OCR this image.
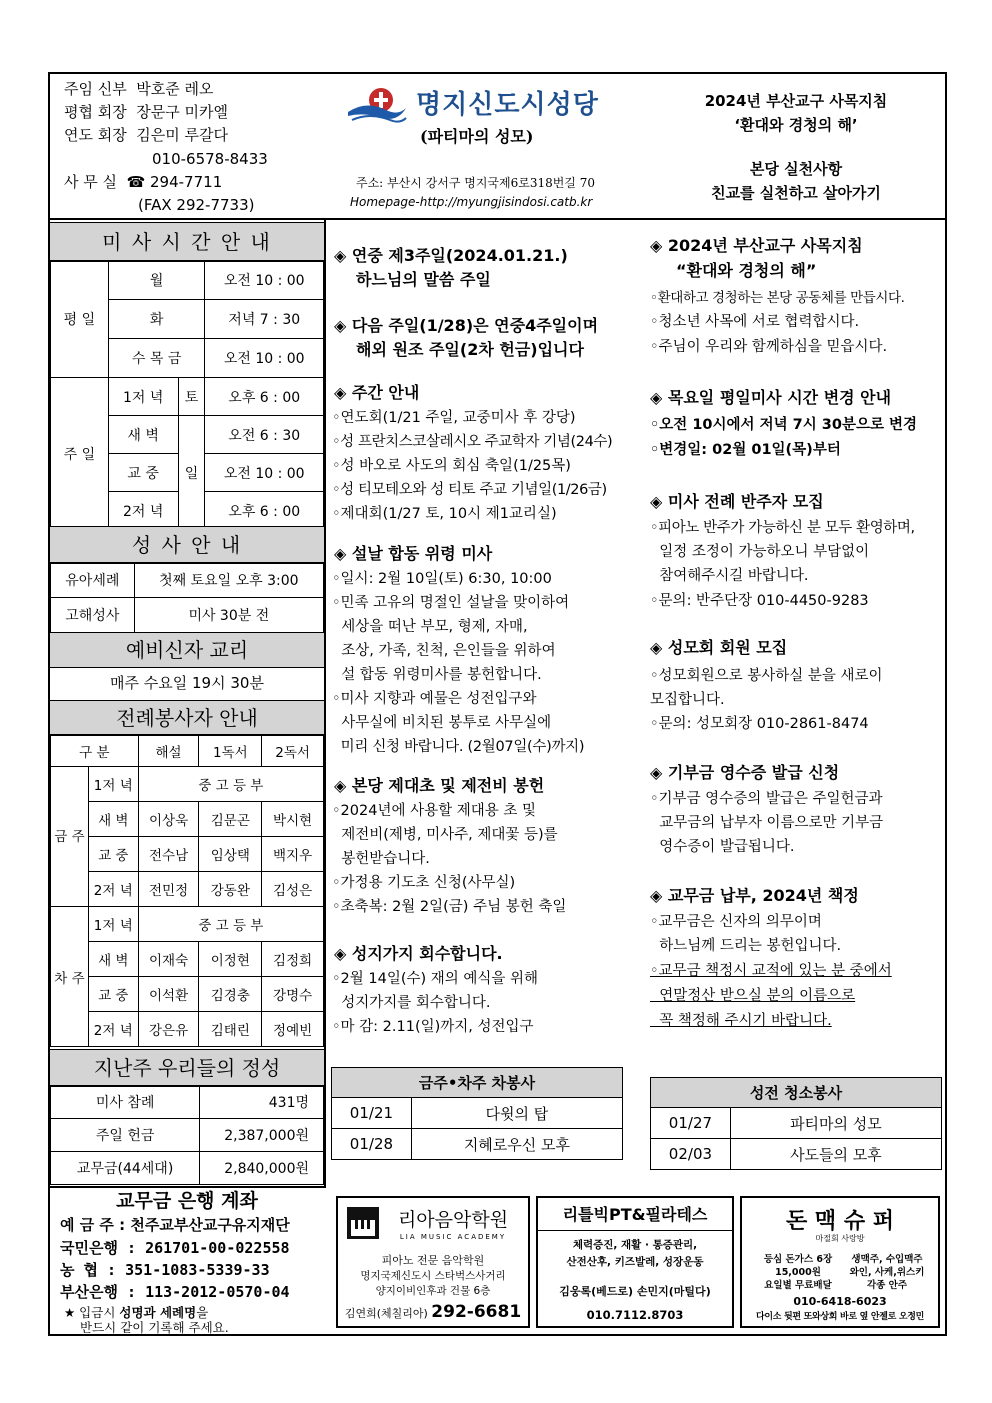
주임 신부 박호준 레오
평협 회장 장문구 미카엘
연도 회장 김은미 루갈다
010-6578-8433
사 무 실 ☎ 294-7711
(FAX 292-7733)
명지신도시성당
(파티마의 성모)
주소: 부산시 강서구 명지국제6로318번길 70
Homepage-http://myungjisindosi.catb.kr
2024년 부산교구 사목지침
‘환대와 경청의 해’
본당 실천사항
친교를 실천하고 살아가기
미 사 시 간 안 내
평 일	월		오전 10 : 00
	화		저녁 7 : 30
	수 목 금		오전 10 : 00
주 일	1저 녁	토	오후 6 : 00
	새 벽	일	오전 6 : 30
	교 중		오전 10 : 00
	2저 녁		오후 6 : 00
성 사 안 내
유아세례	첫째 토요일 오후 3:00
고해성사	미사 30분 전
예비신자 교리
매주 수요일 19시 30분
전례봉사자 안내
구 분		해설	1독서	2독서
금 주	1저 녁	중 고 등 부		
	새 벽	이상욱	김문곤	박시현
	교 중	전수남	임상택	백지우
	2저 녁	전민정	강동완	김성은
차 주	1저 녁	중 고 등 부		
	새 벽	이재숙	이정현	김정희
	교 중	이석환	김경충	강명수
	2저 녁	강은유	김태린	정예빈
지난주 우리들의 정성
미사 참례	431명
주일 헌금	2,387,000원
교무금(44세대)	2,840,000원
교무금 은행 계좌
예 금 주 : 천주교부산교구유지재단
국민은행 : 261701-00-022558
농 협 : 351-1083-5339-33
부산은행 : 113-2012-0570-04
★ 입금시 성명과 세례명을
반드시 같이 기록해 주세요.
◈ 연중 제3주일(2024.01.21.)
하느님의 말씀 주일
◈ 다음 주일(1/28)은 연중4주일이며
해외 원조 주일(2차 헌금)입니다
◈ 주간 안내
◦연도회(1/21 주일, 교중미사 후 강당)
◦성 프란치스코살레시오 주교학자 기념(24수)
◦성 바오로 사도의 회심 축일(1/25목)
◦성 티모테오와 성 티토 주교 기념일(1/26금)
◦제대회(1/27 토, 10시 제1교리실)
◈ 설날 합동 위령 미사
◦일시: 2월 10일(토) 6:30, 10:00
◦민족 고유의 명절인 설날을 맞이하여
세상을 떠난 부모, 형제, 자매,
조상, 가족, 친척, 은인들을 위하여
설 합동 위령미사를 봉헌합니다.
◦미사 지향과 예물은 성전입구와
사무실에 비치된 봉투로 사무실에
미리 신청 바랍니다. (2월07일(수)까지)
◈ 본당 제대초 및 제전비 봉헌
◦2024년에 사용할 제대용 초 및
제전비(제병, 미사주, 제대꽃 등)를
봉헌받습니다.
◦가정용 기도초 신청(사무실)
◦초축복: 2월 2일(금) 주님 봉헌 축일
◈ 성지가지 회수합니다.
◦2월 14일(수) 재의 예식을 위해
성지가지를 회수합니다.
◦마 감: 2.11(일)까지, 성전입구
금주•차주 차봉사	
01/21	다윗의 탑
01/28	지혜로우신 모후
◈ 2024년 부산교구 사목지침
“환대와 경청의 해”
◦환대하고 경청하는 본당 공동체를 만듭시다.
◦청소년 사목에 서로 협력합시다.
◦주님이 우리와 함께하심을 믿읍시다.
◈ 목요일 평일미사 시간 변경 안내
◦오전 10시에서 저녁 7시 30분으로 변경
◦변경일: 02월 01일(목)부터
◈ 미사 전례 반주자 모집
◦피아노 반주가 가능하신 분 모두 환영하며,
일정 조정이 가능하오니 부담없이
참여해주시길 바랍니다.
◦문의: 반주단장 010-4450-9283
◈ 성모회 회원 모집
◦성모회원으로 봉사하실 분을 새로이
모집합니다.
◦문의: 성모회장 010-2861-8474
◈ 기부금 영수증 발급 신청
◦기부금 영수증의 발급은 주일헌금과
교무금의 납부자 이름으로만 기부금
영수증이 발급됩니다.
◈ 교무금 납부, 2024년 책정
◦교무금은 신자의 의무이며
하느님께 드리는 봉헌입니다.
◦교무금 책정시 교적에 있는 분 중에서
연말정산 받으실 분의 이름으로
꼭 책정해 주시기 바랍니다.
성전 청소봉사	
01/27	파티마의 성모
02/03	사도들의 모후
리아음악학원
LIA MUSIC ACADEMY
피아노 전문 음악학원
명지국제신도시 스타벅스사거리
양지이비인후과 건물 6층
김연희(체칠리아) 292-6681
리틀빅PT&필라테스
체력증진, 재활 · 통증관리,
산전산후, 키즈발레, 성장운동
김웅록(베드로) 손민지(마틸다)
010.7112.8703
돈 맥 슈 퍼
마절회 사랑방
등심 돈가스 6장
15,000원
요일별 무료배달
생맥주, 수입맥주
와인, 사케,위스키
각종 안주
010-6418-6023
다이소 뒷편 또와상회 바로 옆 안젤로 오정민
